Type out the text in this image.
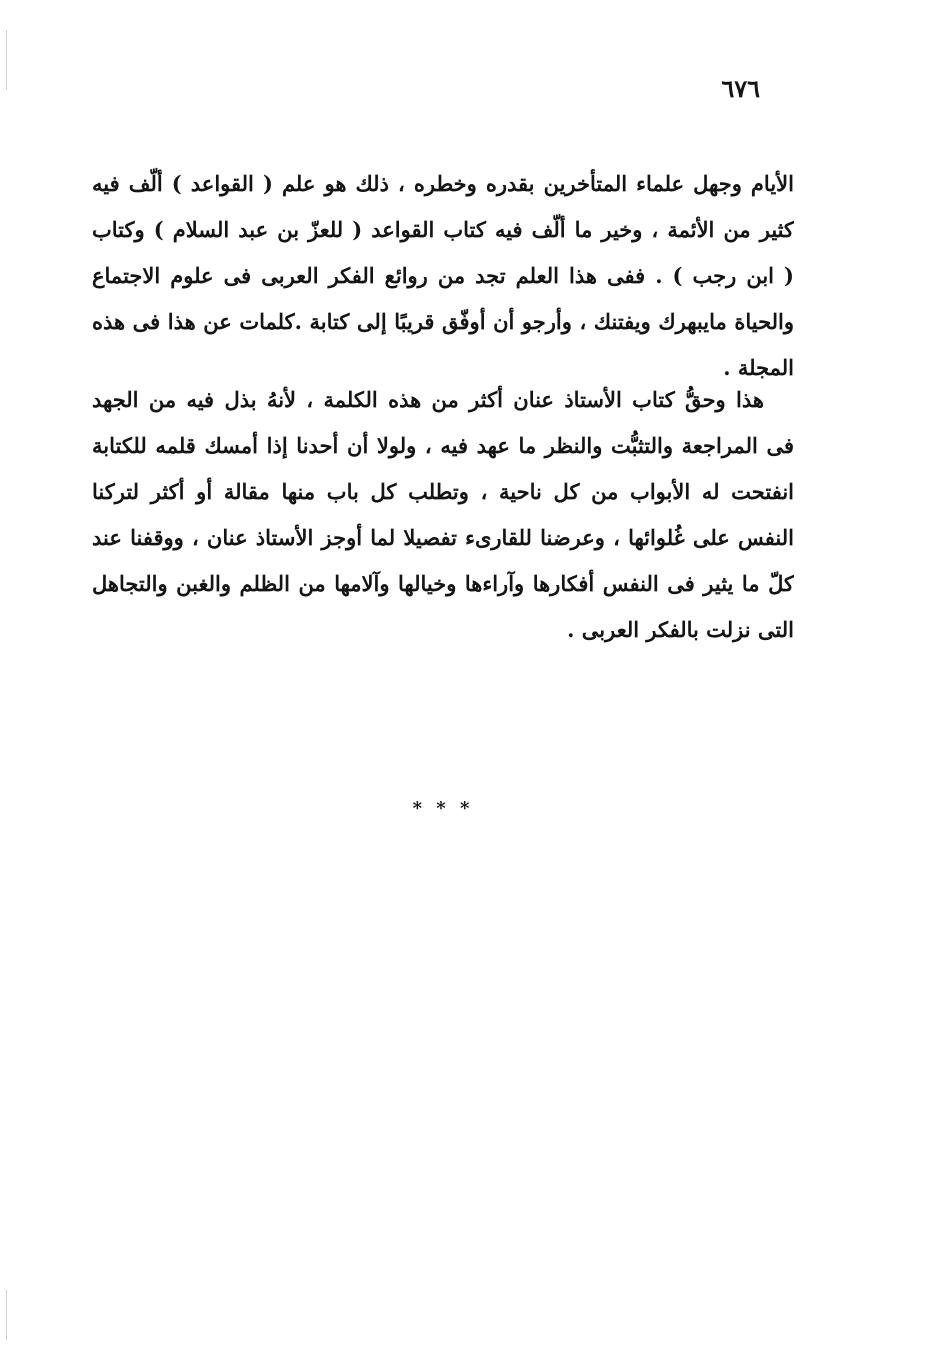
٦٧٦
الأيام وجهل علماء المتأخرين بقدره وخطره ، ذلك هو علم ( القواعد ) ألّف فيه
كثير من الأئمة ، وخير ما ألّف فيه كتاب القواعد ( للعزّ بن عبد السلام ) وكتاب
( ابن رجب ) . ففى هذا العلم تجد من روائع الفكر العربى فى علوم الاجتماع
والحياة مايبهرك ويفتنك ، وأرجو أن أوفّق قريبًا إلى كتابة .كلمات عن هذا فى هذه
المجلة .
هذا وحقُّ كتاب الأستاذ عنان أكثر من هذه الكلمة ، لأنهُ بذل فيه من الجهد
فى المراجعة والتثبُّت والنظر ما عهد فيه ، ولولا أن أحدنا إذا أمسك قلمه للكتابة
انفتحت له الأبواب من كل ناحية ، وتطلب كل باب منها مقالة أو أكثر لتركنا
النفس على غُلوائها ، وعرضنا للقارىء تفصيلا لما أوجز الأستاذ عنان ، ووقفنا عند
كلّ ما يثير فى النفس أفكارها وآراءها وخيالها وآلامها من الظلم والغبن والتجاهل
التى نزلت بالفكر العربى .
* * *
